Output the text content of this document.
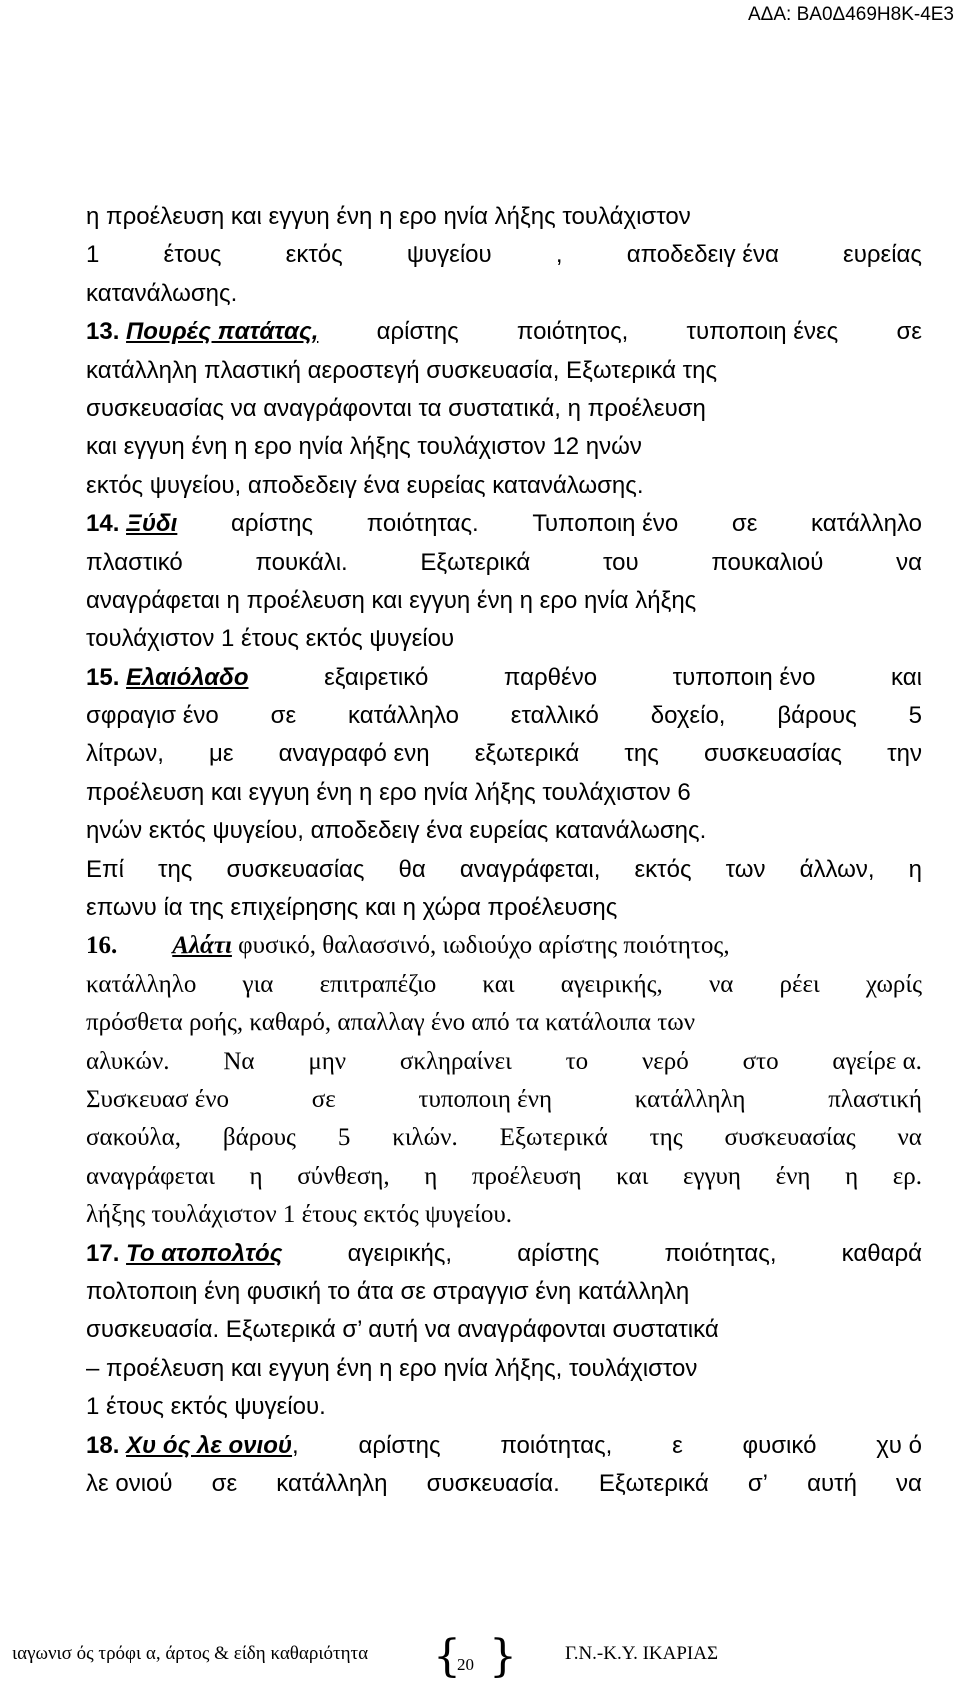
ΑΔΑ: ΒΑ0Δ469Η8Κ-4Ε3
η προέλευση και εγγυη ένη η ερο ηνία λήξης τουλάχιστον
1	έτους	εκτός	ψυγείου	,	αποδεδειγ ένα	ευρείας
κατανάλωσης.
13. Πουρές πατάτας, αρίστης ποιότητος, τυποποιη ένες σε
κατάλληλη πλαστική αεροστεγή συσκευασία, Εξωτερικά της
συσκευασίας να αναγράφονται τα συστατικά, η προέλευση
και εγγυη ένη η ερο ηνία λήξης τουλάχιστον 12 ηνών
εκτός ψυγείου, αποδεδειγ ένα ευρείας κατανάλωσης.
14. Ξύδι αρίστης ποιότητας. Τυποποιη ένο σε κατάλληλο
πλαστικό	πουκάλι.	Εξωτερικά	του	πουκαλιού	να
αναγράφεται η προέλευση και εγγυη ένη η ερο ηνία λήξης
τουλάχιστον 1 έτους εκτός ψυγείου
15. Ελαιόλαδο	εξαιρετικό	παρθένο	τυποποιη ένο	και
σφραγισ ένο σε κατάλληλο εταλλικό δοχείο, βάρους 5
λίτρων, με αναγραφό ενη εξωτερικά της συσκευασίας την
προέλευση και εγγυη ένη η ερο ηνία λήξης τουλάχιστον 6
ηνών εκτός ψυγείου, αποδεδειγ ένα ευρείας κατανάλωσης.
Επί της συσκευασίας θα αναγράφεται, εκτός των άλλων, η
επωνυ ία της επιχείρησης και η χώρα προέλευσης
16. Αλάτι φυσικό, θαλασσινό, ιωδιούχο αρίστης ποιότητος,
κατάλληλο για επιτραπέζιο και αγειρικής, να ρέει χωρίς
πρόσθετα ροής, καθαρό, απαλλαγ ένο από τα κατάλοιπα των
αλυκών. Να μην σκληραίνει το νερό στο αγείρε α.
Συσκευασ ένο	σε	τυποποιη ένη	κατάλληλη	πλαστική
σακούλα, βάρους 5 κιλών. Εξωτερικά της συσκευασίας να
αναγράφεται η σύνθεση, η προέλευση και εγγυη ένη η ερ.
λήξης τουλάχιστον 1 έτους εκτός ψυγείου.
17. Το ατοπολτός	αγειρικής,	αρίστης	ποιότητας,	καθαρά
πολτοποιη ένη φυσική το άτα σε στραγγισ ένη κατάλληλη
συσκευασία. Εξωτερικά σ’ αυτή να αναγράφονται συστατικά
– προέλευση και εγγυη ένη η ερο ηνία λήξης, τουλάχιστον
1 έτους εκτός ψυγείου.
18. Χυ ός λε ονιού, αρίστης ποιότητας, ε φυσικό χυ ό
λε ονιού σε κατάλληλη συσκευασία. Εξωτερικά σ’ αυτή να
ιαγωνισ ός τρόφι α, άρτος & είδη καθαριότητα {
20 }	Γ.Ν.-Κ.Υ. ΙΚΑΡΙΑΣ
